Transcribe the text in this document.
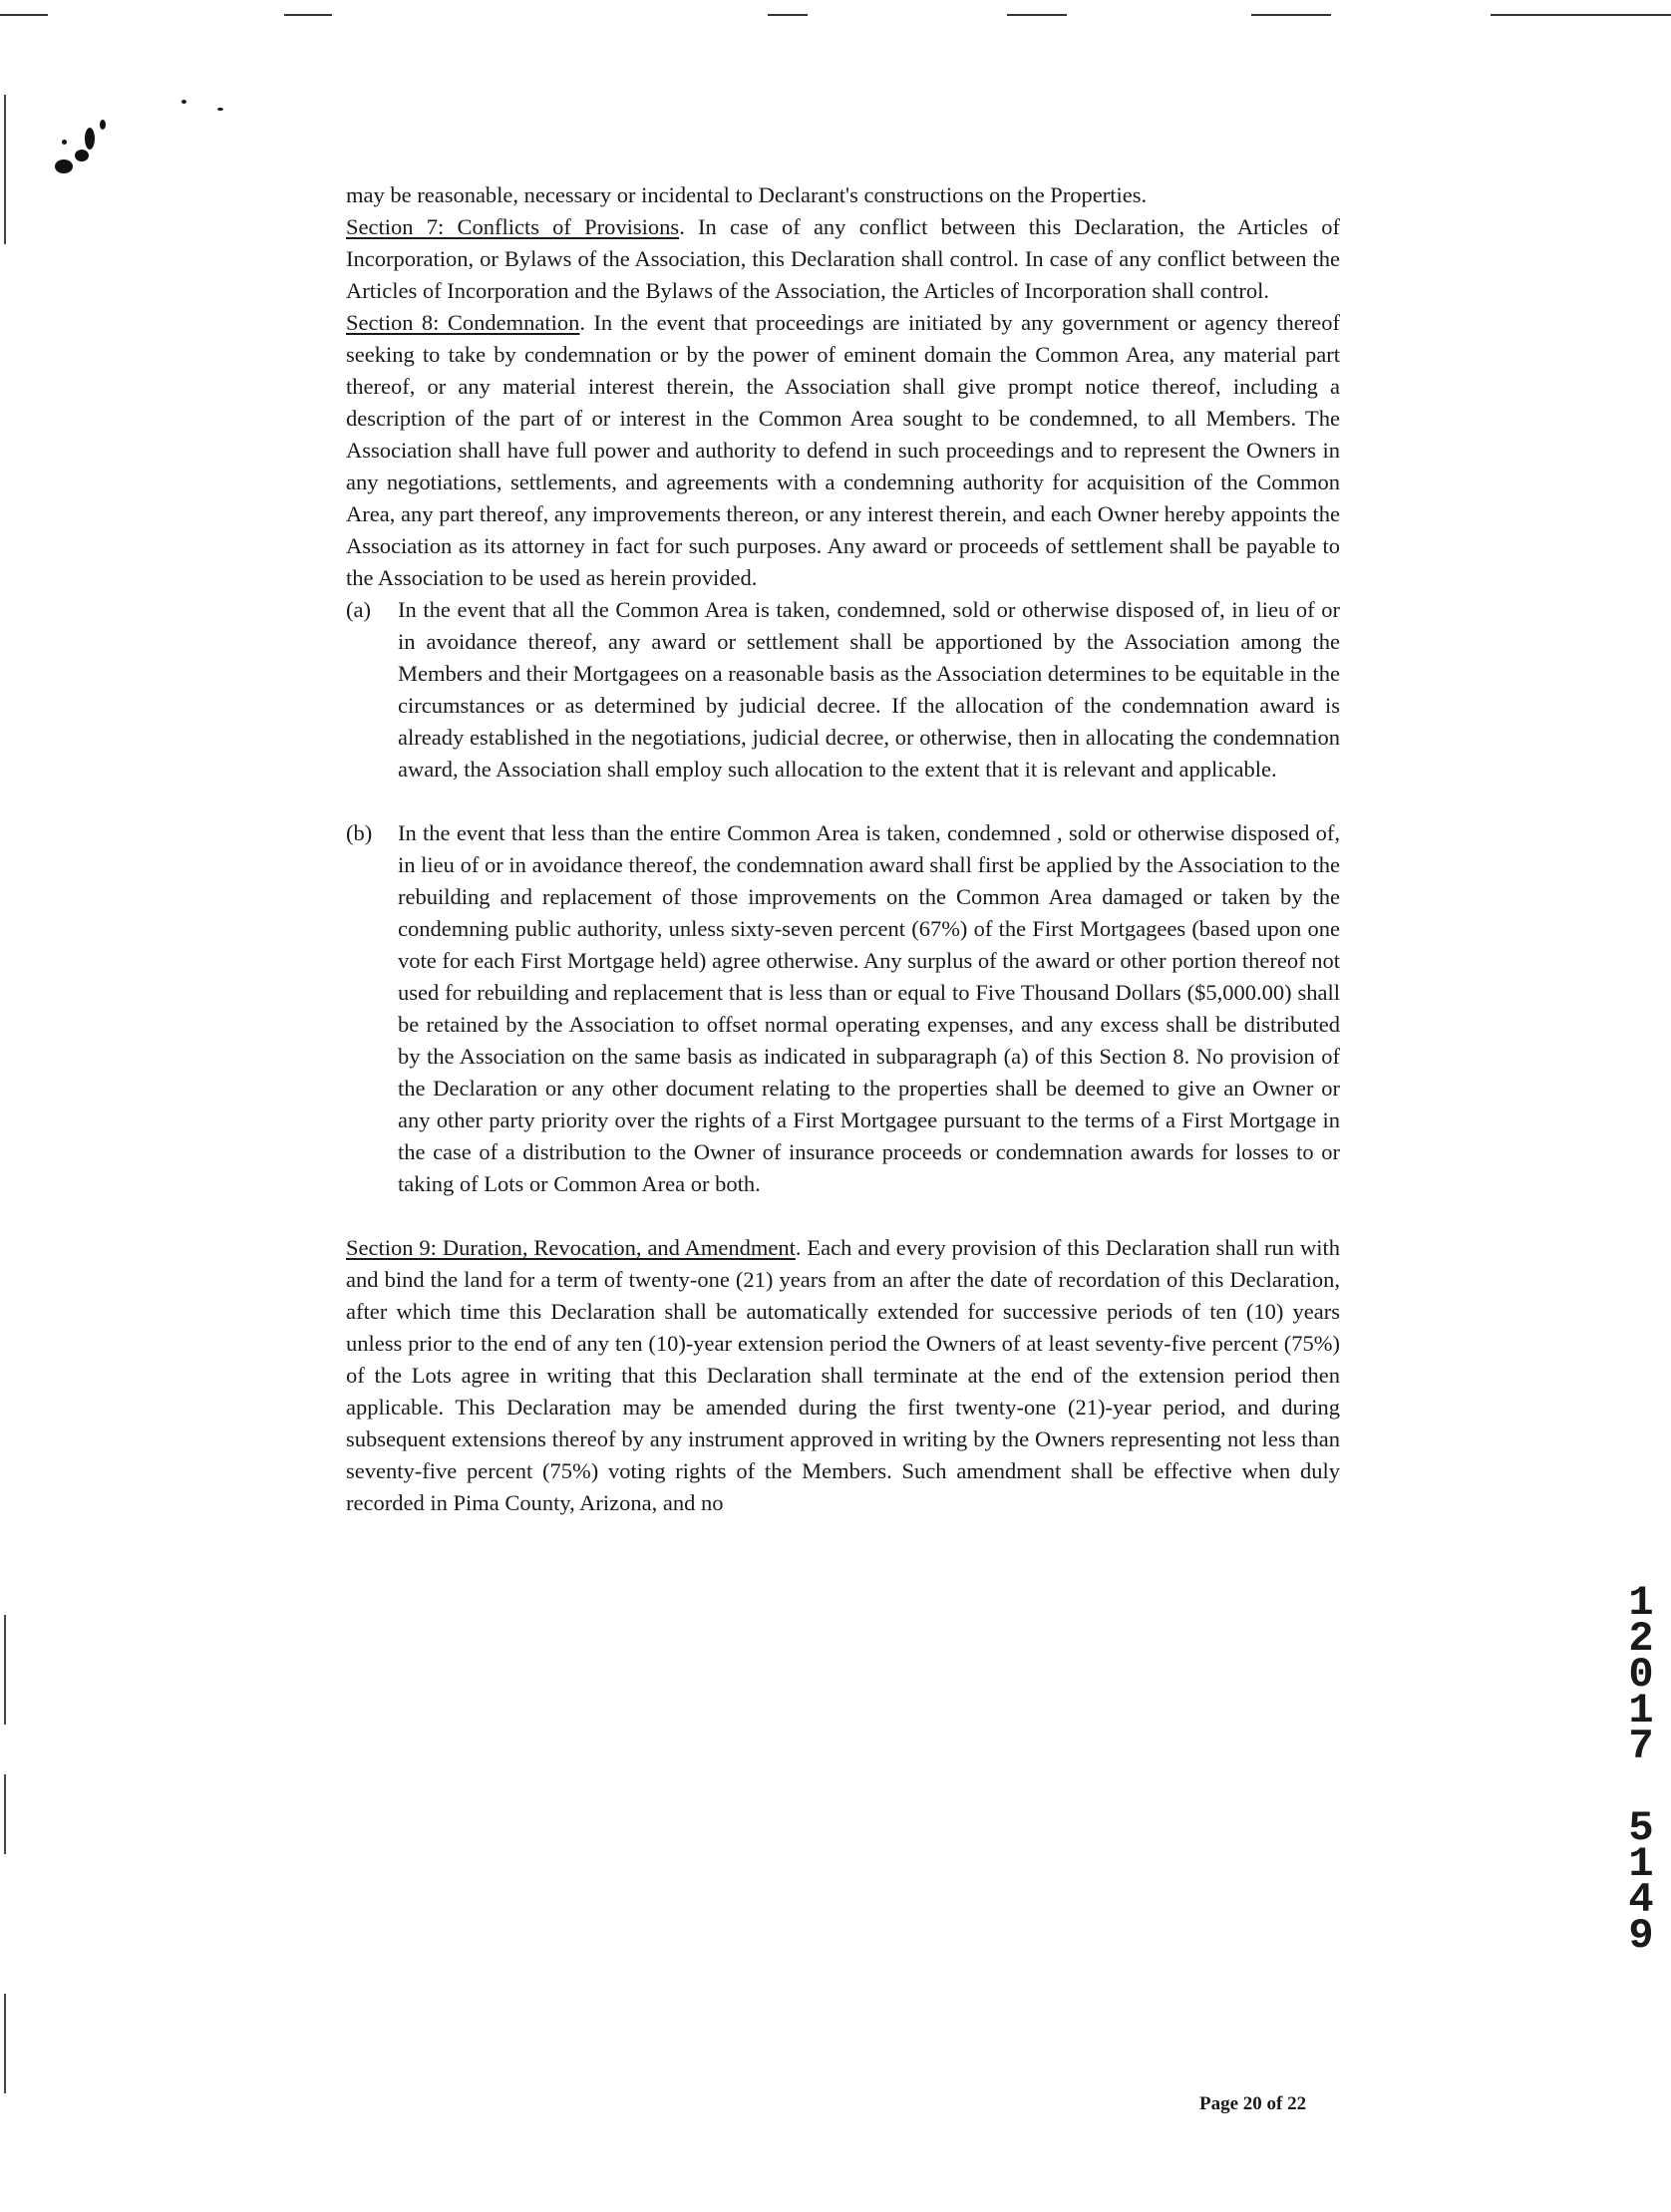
may be reasonable, necessary or incidental to Declarant's constructions on the Properties.

Section 7: Conflicts of Provisions. In case of any conflict between this Declaration, the Articles of Incorporation, or Bylaws of the Association, this Declaration shall control. In case of any conflict between the Articles of Incorporation and the Bylaws of the Association, the Articles of Incorporation shall control.

Section 8: Condemnation. In the event that proceedings are initiated by any government or agency thereof seeking to take by condemnation or by the power of eminent domain the Common Area, any material part thereof, or any material interest therein, the Association shall give prompt notice thereof, including a description of the part of or interest in the Common Area sought to be condemned, to all Members. The Association shall have full power and authority to defend in such proceedings and to represent the Owners in any negotiations, settlements, and agreements with a condemning authority for acquisition of the Common Area, any part thereof, any improvements thereon, or any interest therein, and each Owner hereby appoints the Association as its attorney in fact for such purposes. Any award or proceeds of settlement shall be payable to the Association to be used as herein provided.

(a)	In the event that all the Common Area is taken, condemned, sold or otherwise disposed of, in lieu of or in avoidance thereof, any award or settlement shall be apportioned by the Association among the Members and their Mortgagees on a reasonable basis as the Association determines to be equitable in the circumstances or as determined by judicial decree. If the allocation of the condemnation award is already established in the negotiations, judicial decree, or otherwise, then in allocating the condemnation award, the Association shall employ such allocation to the extent that it is relevant and applicable.
(b)	In the event that less than the entire Common Area is taken, condemned , sold or otherwise disposed of, in lieu of or in avoidance thereof, the condemnation award shall first be applied by the Association to the rebuilding and replacement of those improvements on the Common Area damaged or taken by the condemning public authority, unless sixty-seven percent (67%) of the First Mortgagees (based upon one vote for each First Mortgage held) agree otherwise. Any surplus of the award or other portion thereof not used for rebuilding and replacement that is less than or equal to Five Thousand Dollars ($5,000.00) shall be retained by the Association to offset normal operating expenses, and any excess shall be distributed by the Association on the same basis as indicated in subparagraph (a) of this Section 8. No provision of the Declaration or any other document relating to the properties shall be deemed to give an Owner or any other party priority over the rights of a First Mortgagee pursuant to the terms of a First Mortgage in the case of a distribution to the Owner of insurance proceeds or condemnation awards for losses to or taking of Lots or Common Area or both.

Section 9: Duration, Revocation, and Amendment. Each and every provision of this Declaration shall run with and bind the land for a term of twenty-one (21) years from an after the date of recordation of this Declaration, after which time this Declaration shall be automatically extended for successive periods of ten (10) years unless prior to the end of any ten (10)-year extension period the Owners of at least seventy-five percent (75%) of the Lots agree in writing that this Declaration shall terminate at the end of the extension period then applicable. This Declaration may be amended during the first twenty-one (21)-year period, and during subsequent extensions thereof by any instrument approved in writing by the Owners representing not less than seventy-five percent (75%) voting rights of the Members. Such amendment shall be effective when duly recorded in Pima County, Arizona, and no

1
2
0
1
7
5
1
4
9
Page 20 of 22
